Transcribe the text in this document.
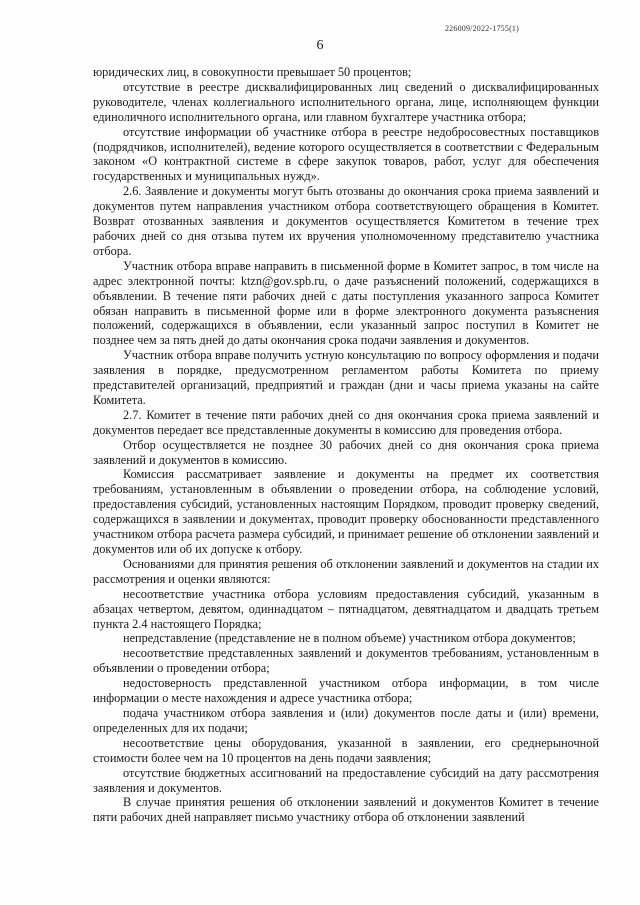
226009/2022-1755(1)
6

юридических лиц, в совокупности превышает 50 процентов;

отсутствие в реестре дисквалифицированных лиц сведений о дисквалифицированных руководителе, членах коллегиального исполнительного органа, лице, исполняющем функции единоличного исполнительного органа, или главном бухгалтере участника отбора;

отсутствие информации об участнике отбора в реестре недобросовестных поставщиков (подрядчиков, исполнителей), ведение которого осуществляется в соответствии с Федеральным законом «О контрактной системе в сфере закупок товаров, работ, услуг для обеспечения государственных и муниципальных нужд».

2.6. Заявление и документы могут быть отозваны до окончания срока приема заявлений и документов путем направления участником отбора соответствующего обращения в Комитет. Возврат отозванных заявления и документов осуществляется Комитетом в течение трех рабочих дней со дня отзыва путем их вручения уполномоченному представителю участника отбора.

Участник отбора вправе направить в письменной форме в Комитет запрос, в том числе на адрес электронной почты: ktzn@gov.spb.ru, о даче разъяснений положений, содержащихся в объявлении. В течение пяти рабочих дней с даты поступления указанного запроса Комитет обязан направить в письменной форме или в форме электронного документа разъяснения положений, содержащихся в объявлении, если указанный запрос поступил в Комитет не позднее чем за пять дней до даты окончания срока подачи заявления и документов.

Участник отбора вправе получить устную консультацию по вопросу оформления и подачи заявления в порядке, предусмотренном регламентом работы Комитета по приему представителей организаций, предприятий и граждан (дни и часы приема указаны на сайте Комитета.

2.7. Комитет в течение пяти рабочих дней со дня окончания срока приема заявлений и документов передает все представленные документы в комиссию для проведения отбора.

Отбор осуществляется не позднее 30 рабочих дней со дня окончания срока приема заявлений и документов в комиссию.

Комиссия рассматривает заявление и документы на предмет их соответствия требованиям, установленным в объявлении о проведении отбора, на соблюдение условий, предоставления субсидий, установленных настоящим Порядком, проводит проверку сведений, содержащихся в заявлении и документах, проводит проверку обоснованности представленного участником отбора расчета размера субсидий, и принимает решение об отклонении заявлений и документов или об их допуске к отбору.

Основаниями для принятия решения об отклонении заявлений и документов на стадии их рассмотрения и оценки являются:

несоответствие участника отбора условиям предоставления субсидий, указанным в абзацах четвертом, девятом, одиннадцатом – пятнадцатом, девятнадцатом и двадцать третьем пункта 2.4 настоящего Порядка;

непредставление (представление не в полном объеме) участником отбора документов;

несоответствие представленных заявлений и документов требованиям, установленным в объявлении о проведении отбора;

недостоверность представленной участником отбора информации, в том числе информации о месте нахождения и адресе участника отбора;

подача участником отбора заявления и (или) документов после даты и (или) времени, определенных для их подачи;

несоответствие цены оборудования, указанной в заявлении, его среднерыночной стоимости более чем на 10 процентов на день подачи заявления;

отсутствие бюджетных ассигнований на предоставление субсидий на дату рассмотрения заявления и документов.

В случае принятия решения об отклонении заявлений и документов Комитет в течение пяти рабочих дней направляет письмо участнику отбора об отклонении заявлений
